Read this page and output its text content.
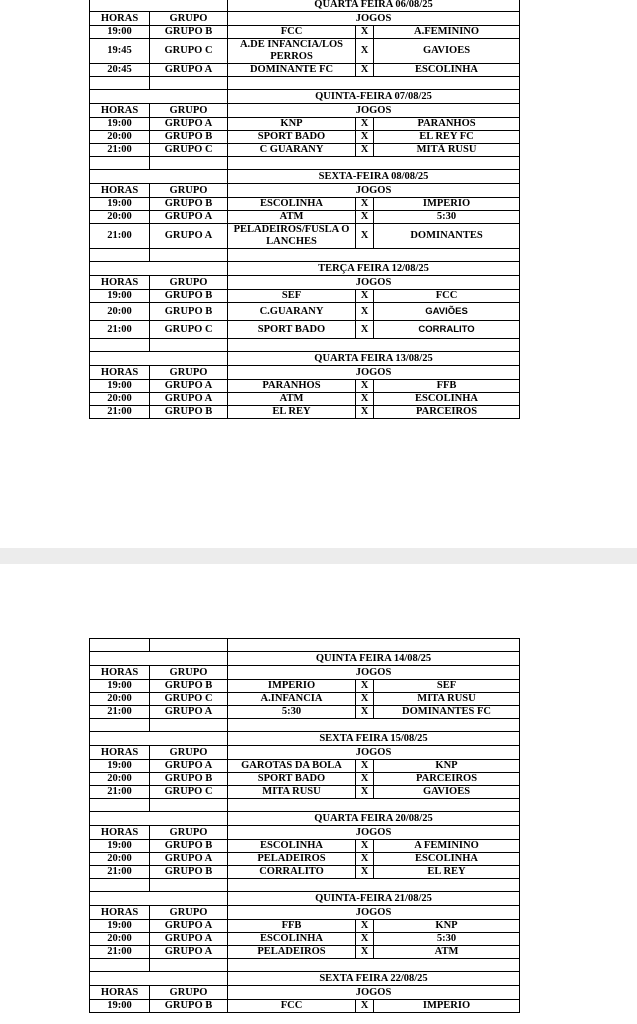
		QUARTA FEIRA 06/08/25		
HORAS	GRUPO	JOGOS		
19:00	GRUPO B	FCC	X	A.FEMININO
19:45	GRUPO C	A.DE INFANCIA/LOS PERROS	X	GAVIOES
20:45	GRUPO A	DOMINANTE FC	X	ESCOLINHA

		QUINTA-FEIRA 07/08/25		
HORAS	GRUPO	JOGOS		
19:00	GRUPO A	KNP	X	PARANHOS
20:00	GRUPO B	SPORT BADO	X	EL REY FC
21:00	GRUPO C	C GUARANY	X	MITÃ RUSU

		SEXTA-FEIRA 08/08/25		
HORAS	GRUPO	JOGOS		
19:00	GRUPO B	ESCOLINHA	X	IMPERIO
20:00	GRUPO A	ATM	X	5:30
21:00	GRUPO A	PELADEIROS/FUSLA O LANCHES	X	DOMINANTES

		TERÇA FEIRA 12/08/25		
HORAS	GRUPO	JOGOS		
19:00	GRUPO B	SEF	X	FCC
20:00	GRUPO B	C.GUARANY	X	GAVIÕES
21:00	GRUPO C	SPORT BADO	X	CORRALITO

		QUARTA FEIRA 13/08/25		
HORAS	GRUPO	JOGOS		
19:00	GRUPO A	PARANHOS	X	FFB
20:00	GRUPO A	ATM	X	ESCOLINHA
21:00	GRUPO B	EL REY	X	PARCEIROS

		QUINTA FEIRA 14/08/25		
HORAS	GRUPO	JOGOS		
19:00	GRUPO B	IMPERIO	X	SEF
20:00	GRUPO C	A.INFANCIA	X	MITA RUSU
21:00	GRUPO A	5:30	X	DOMINANTES FC

		SEXTA FEIRA 15/08/25		
HORAS	GRUPO	JOGOS		
19:00	GRUPO A	GAROTAS DA BOLA	X	KNP
20:00	GRUPO B	SPORT BADO	X	PARCEIROS
21:00	GRUPO C	MITA RUSU	X	GAVIOES

		QUARTA FEIRA 20/08/25		
HORAS	GRUPO	JOGOS		
19:00	GRUPO B	ESCOLINHA	X	A FEMININO
20:00	GRUPO A	PELADEIROS	X	ESCOLINHA
21:00	GRUPO B	CORRALITO	X	EL REY

		QUINTA-FEIRA 21/08/25		
HORAS	GRUPO	JOGOS		
19:00	GRUPO A	FFB	X	KNP
20:00	GRUPO A	ESCOLINHA	X	5:30
21:00	GRUPO A	PELADEIROS	X	ATM

		SEXTA FEIRA 22/08/25		
HORAS	GRUPO	JOGOS		
19:00	GRUPO B	FCC	X	IMPERIO
